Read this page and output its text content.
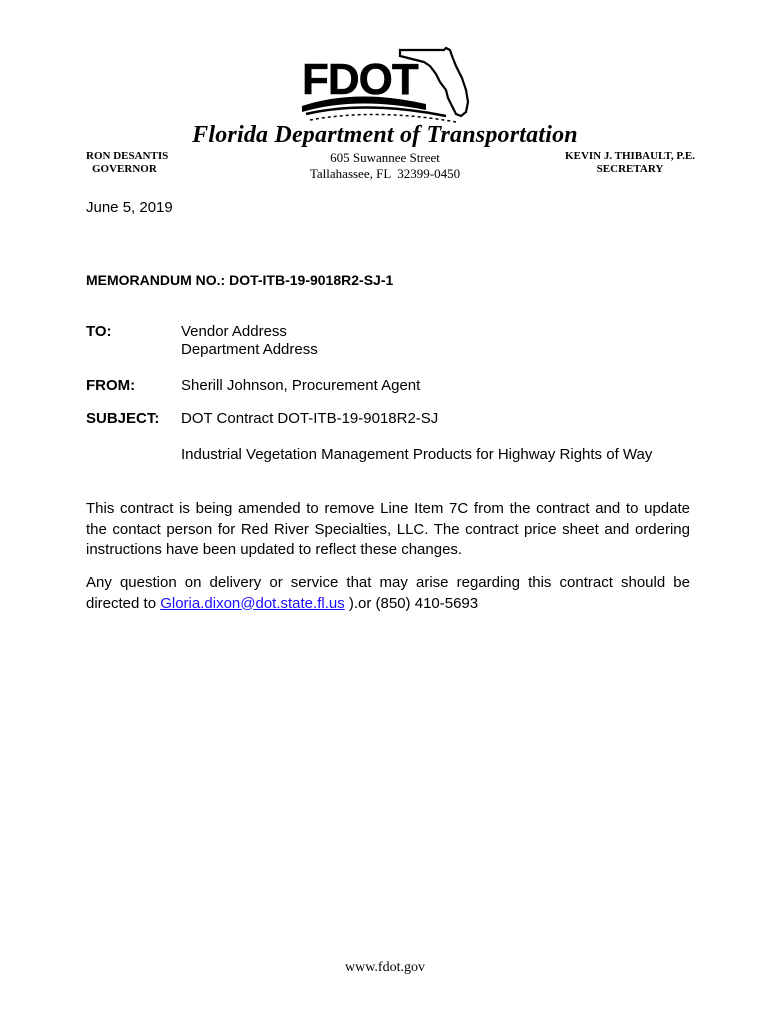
FDOT
Florida Department of Transportation
RON DESANTIS
GOVERNOR
605 Suwannee Street
Tallahassee, FL  32399-0450
KEVIN J. THIBAULT, P.E.
SECRETARY
June 5, 2019
MEMORANDUM NO.: DOT-ITB-19-9018R2-SJ-1
TO:	Vendor Address
Department Address
FROM:	Sherill Johnson, Procurement Agent
SUBJECT:	DOT Contract DOT-ITB-19-9018R2-SJ
Industrial Vegetation Management Products for Highway Rights of Way
This contract is being amended to remove Line Item 7C from the contract and to update the contact person for Red River Specialties, LLC. The contract price sheet and ordering instructions have been updated to reflect these changes.
Any question on delivery or service that may arise regarding this contract should be directed to Gloria.dixon@dot.state.fl.us ).or (850) 410-5693
www.fdot.gov
